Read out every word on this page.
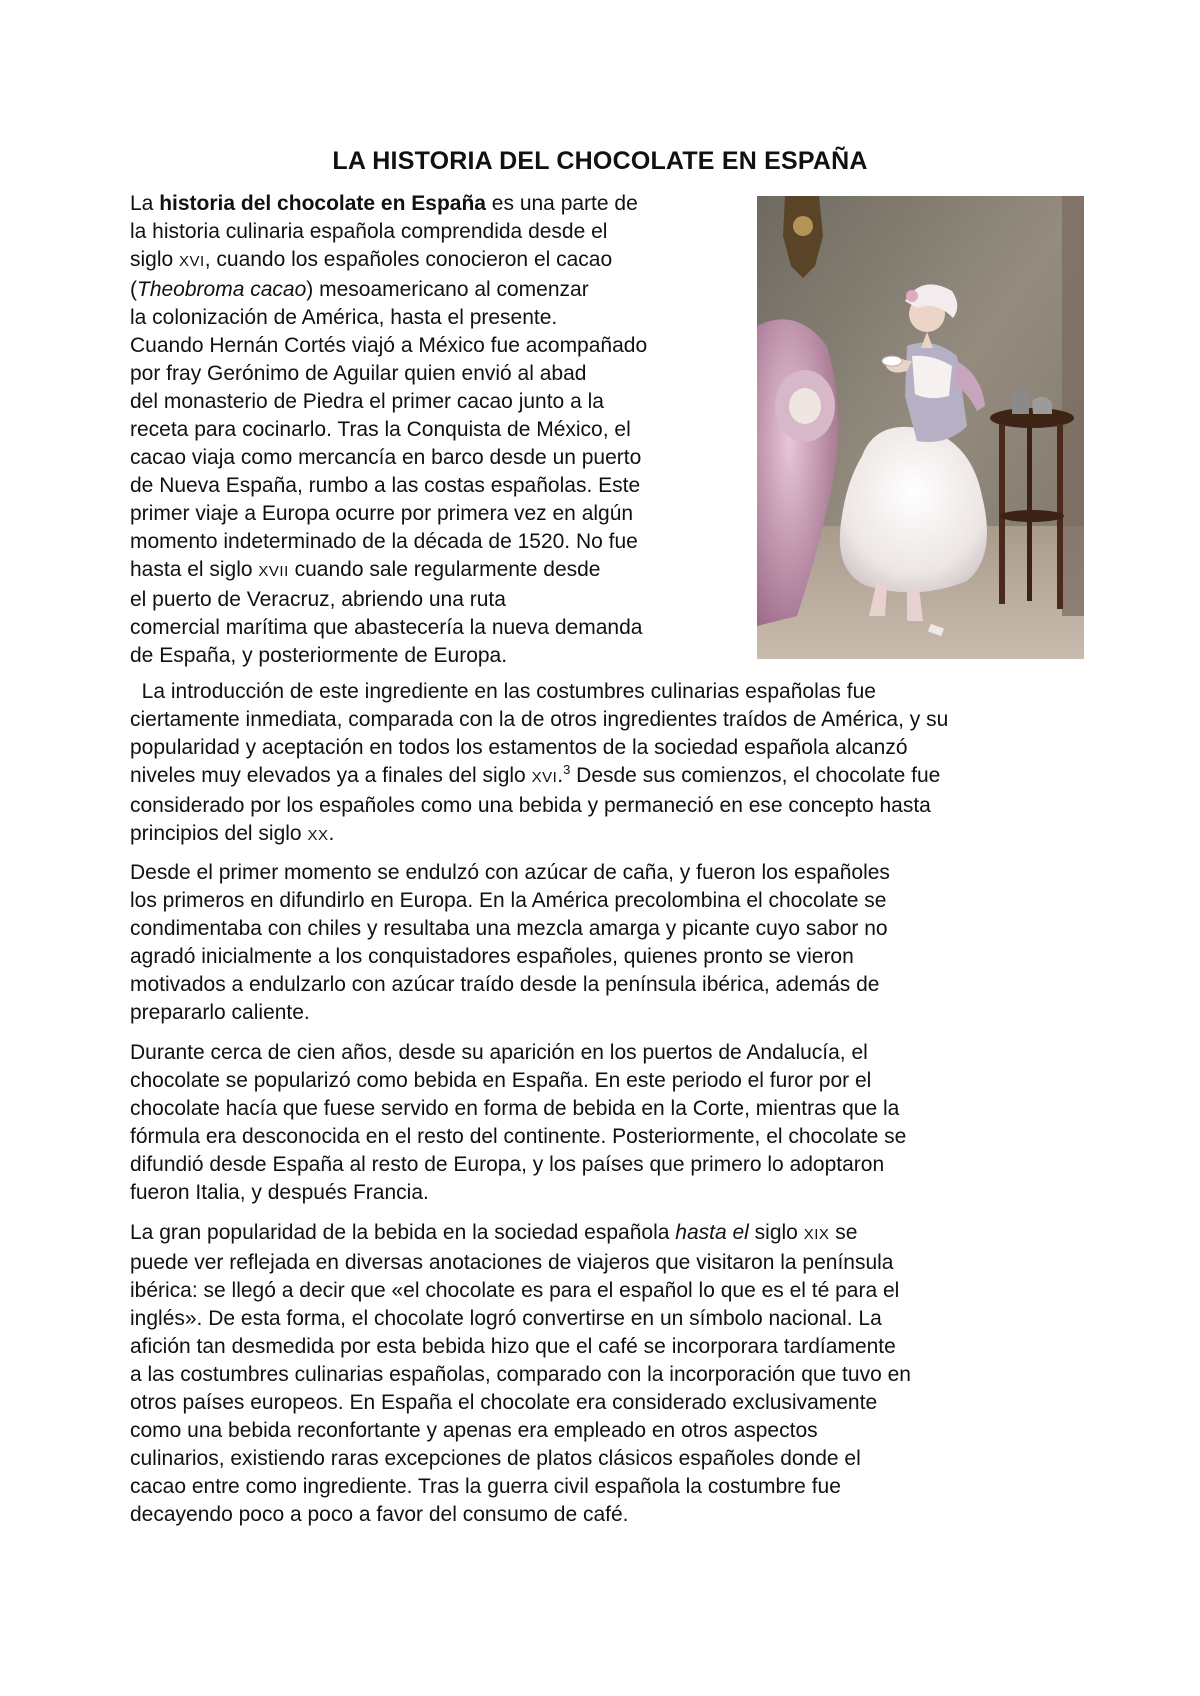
LA HISTORIA DEL CHOCOLATE EN ESPAÑA
La historia del chocolate en España es una parte de
la historia culinaria española comprendida desde el
siglo XVI, cuando los españoles conocieron el cacao
(Theobroma cacao) mesoamericano al comenzar
la colonización de América, hasta el presente.
Cuando Hernán Cortés viajó a México fue acompañado
por fray Gerónimo de Aguilar quien envió al abad
del monasterio de Piedra el primer cacao junto a la
receta para cocinarlo. Tras la Conquista de México, el
cacao viaja como mercancía en barco desde un puerto
de Nueva España, rumbo a las costas españolas. Este
primer viaje a Europa ocurre por primera vez en algún
momento indeterminado de la década de 1520. No fue
hasta el siglo XVII cuando sale regularmente desde
el puerto de Veracruz, abriendo una ruta
comercial marítima que abastecería la nueva demanda
de España, y posteriormente de Europa.

La introducción de este ingrediente en las costumbres culinarias españolas fue
ciertamente inmediata, comparada con la de otros ingredientes traídos de América, y su
popularidad y aceptación en todos los estamentos de la sociedad española alcanzó
niveles muy elevados ya a finales del siglo XVI.$^3$ Desde sus comienzos, el chocolate fue
considerado por los españoles como una bebida y permaneció en ese concepto hasta
principios del siglo XX.

Desde el primer momento se endulzó con azúcar de caña, y fueron los españoles
los primeros en difundirlo en Europa. En la América precolombina el chocolate se
condimentaba con chiles y resultaba una mezcla amarga y picante cuyo sabor no
agradó inicialmente a los conquistadores españoles, quienes pronto se vieron
motivados a endulzarlo con azúcar traído desde la península ibérica, además de
prepararlo caliente.

Durante cerca de cien años, desde su aparición en los puertos de Andalucía, el
chocolate se popularizó como bebida en España. En este periodo el furor por el
chocolate hacía que fuese servido en forma de bebida en la Corte, mientras que la
fórmula era desconocida en el resto del continente. Posteriormente, el chocolate se
difundió desde España al resto de Europa, y los países que primero lo adoptaron
fueron Italia, y después Francia.

La gran popularidad de la bebida en la sociedad española hasta el siglo XIX se
puede ver reflejada en diversas anotaciones de viajeros que visitaron la península
ibérica: se llegó a decir que «el chocolate es para el español lo que es el té para el
inglés». De esta forma, el chocolate logró convertirse en un símbolo nacional. La
afición tan desmedida por esta bebida hizo que el café se incorporara tardíamente
a las costumbres culinarias españolas, comparado con la incorporación que tuvo en
otros países europeos. En España el chocolate era considerado exclusivamente
como una bebida reconfortante y apenas era empleado en otros aspectos
culinarios, existiendo raras excepciones de platos clásicos españoles donde el
cacao entre como ingrediente. Tras la guerra civil española la costumbre fue
decayendo poco a poco a favor del consumo de café.
